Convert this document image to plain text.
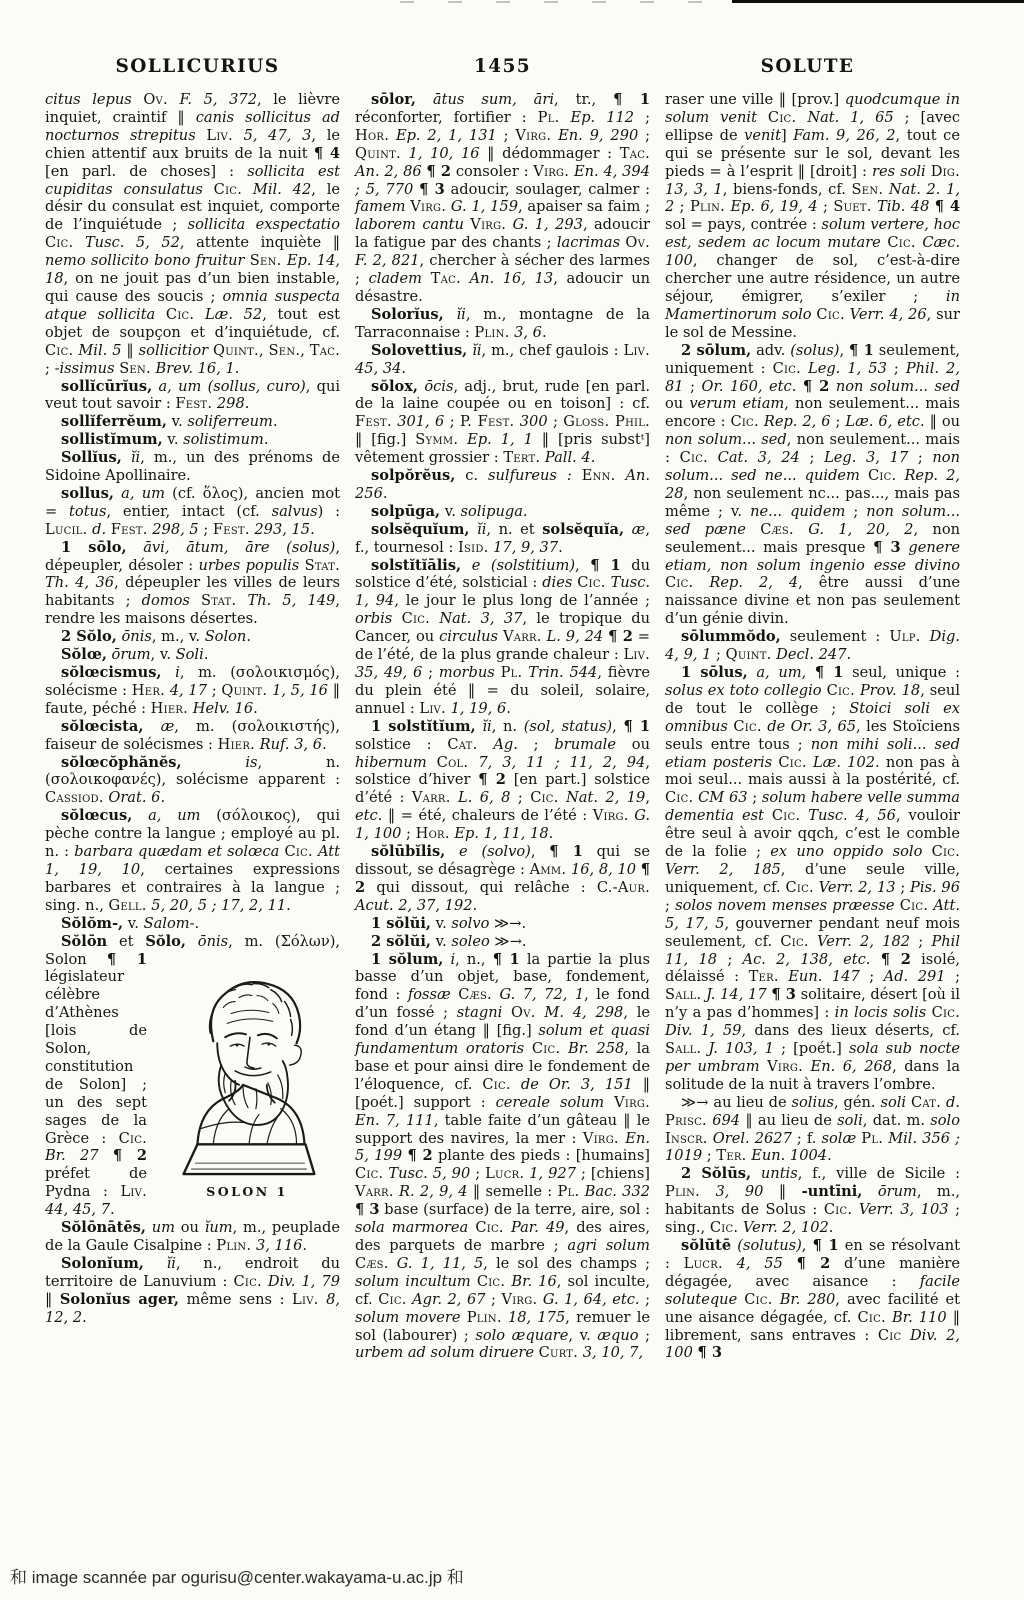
SOLLICURIUS	1455	SOLUTE

citus lepus Ov. F. 5, 372, le lièvre inquiet, craintif ‖ canis sollicitus ad nocturnos strepitus Liv. 5, 47, 3, le chien attentif aux bruits de la nuit ¶ 4 [en parl. de choses] : sollicita est cupiditas consulatus Cic. Mil. 42, le désir du consulat est inquiet, comporte de l’inquiétude ; sollicita exspectatio Cic. Tusc. 5, 52, attente inquiète ‖ nemo sollicito bono fruitur Sen. Ep. 14, 18, on ne jouit pas d’un bien instable, qui cause des soucis ; omnia suspecta atque sollicita Cic. Læ. 52, tout est objet de soupçon et d’inquiétude, cf. Cic. Mil. 5 ‖ sollicitior Quint., Sen., Tac. ; -issimus Sen. Brev. 16, 1.

sollĭcūrĭus, a, um (sollus, curo), qui veut tout savoir : Fest. 298.

sollĭferrĕum, v. soliferreum.

sollistĭmum, v. solistimum.

Sollĭus, ĭi, m., un des prénoms de Sidoine Apollinaire.

sollus, a, um (cf. ὅλος), ancien mot = totus, entier, intact (cf. salvus) : Lucil. d. Fest. 298, 5 ; Fest. 293, 15.

1 sōlo, āvi, ātum, āre (solus), dépeupler, désoler : urbes populis Stat. Th. 4, 36, dépeupler les villes de leurs habitants ; domos Stat. Th. 5, 149, rendre les maisons désertes.

2 Sŏlo, ōnis, m., v. Solon.

Sŏlœ, ōrum, v. Soli.

sŏlœcismus, i, m. (σολοικισμός), solécisme : Her. 4, 17 ; Quint. 1, 5, 16 ‖ faute, péché : Hier. Helv. 16.

sŏlœcista, æ, m. (σολοικιστής), faiseur de solécismes : Hier. Ruf. 3, 6.

sŏlœcŏphănĕs,	is, n. (σολοικοφανές), solécisme apparent : Cassiod. Orat. 6.

sŏlœcus, a, um (σόλοικος), qui pèche contre la langue ; employé au pl. n. : barbara quædam et solœca Cic. Att 1, 19, 10, certaines expressions barbares et contraires à la langue ; sing. n., Gell. 5, 20, 5 ; 17, 2, 11.

Sŏlŏm-, v. Salom-.

Sŏlōn et Sŏlo, ōnis, m. (Σόλων),
SOLON 1
Solon ¶ 1 législateur célèbre d’Athènes [lois de Solon, constitution de Solon] ; un des sept sages de la Grèce : Cic. Br. 27 ¶ 2 préfet de Pydna : Liv. 44, 45, 7.

Sŏlōnātēs, um ou ĭum, m., peuplade de la Gaule Cisalpine : Plin. 3, 116.

Solonĭum, ĭi, n., endroit du territoire de Lanuvium : Cic. Div. 1, 79 ‖ Solonĭus ager, même sens : Liv. 8, 12, 2.

sōlor, ātus sum, āri, tr., ¶ 1 réconforter, fortifier : Pl. Ep. 112 ; Hor. Ep. 2, 1, 131 ; Virg. En. 9, 290 ; Quint. 1, 10, 16 ‖ dédommager : Tac. An. 2, 86 ¶ 2 consoler : Virg. En. 4, 394 ; 5, 770 ¶ 3 adoucir, soulager, calmer : famem Virg. G. 1, 159, apaiser sa faim ; laborem cantu Virg. G. 1, 293, adoucir la fatigue par des chants ; lacrimas Ov. F. 2, 821, chercher à sécher des larmes ; cladem Tac. An. 16, 13, adoucir un désastre.

Solorĭus, ĭi, m., montagne de la Tarraconnaise : Plin. 3, 6.

Solovettius, ĭi, m., chef gaulois : Liv. 45, 34.

sŏlox, ōcis, adj., brut, rude [en parl. de la laine coupée ou en toison] : cf. Fest. 301, 6 ; P. Fest. 300 ; Gloss. Phil. ‖ [fig.] Symm. Ep. 1, 1 ‖ [pris substᵗ] vêtement grossier : Tert. Pall. 4.

solpŏrĕus, c. sulfureus : Enn. An. 256.

solpūga, v. solipuga.

solsĕquĭum, ĭi, n. et solsĕquĭa, æ, f., tournesol : Isid. 17, 9, 37.

solstĭtĭālis, e (solstitium), ¶ 1 du solstice d’été, solsticial : dies Cic. Tusc. 1, 94, le jour le plus long de l’année ; orbis Cic. Nat. 3, 37, le tropique du Cancer, ou circulus Varr. L. 9, 24 ¶ 2 = de l’été, de la plus grande chaleur : Liv. 35, 49, 6 ; morbus Pl. Trin. 544, fièvre du plein été ‖ = du soleil, solaire, annuel : Liv. 1, 19, 6.

1 solstĭtĭum, ĭi, n. (sol, status), ¶ 1 solstice : Cat. Ag. ; brumale ou hibernum Col. 7, 3, 11 ; 11, 2, 94, solstice d’hiver ¶ 2 [en part.] solstice d’été : Varr. L. 6, 8 ; Cic. Nat. 2, 19, etc. ‖ = été, chaleurs de l’été : Virg. G. 1, 100 ; Hor. Ep. 1, 11, 18.

sŏlūbĭlis, e (solvo), ¶ 1 qui se dissout, se désagrège : Amm. 16, 8, 10 ¶ 2 qui dissout, qui relâche : C.-Aur. Acut. 2, 37, 192.

1 sŏlŭi, v. solvo ≫→.

2 sŏlŭi, v. soleo ≫→.

1 sŏlum, i, n., ¶ 1 la partie la plus basse d’un objet, base, fondement, fond : fossæ Cæs. G. 7, 72, 1, le fond d’un fossé ; stagni Ov. M. 4, 298, le fond d’un étang ‖ [fig.] solum et quasi fundamentum oratoris Cic. Br. 258, la base et pour ainsi dire le fondement de l’éloquence, cf. Cic. de Or. 3, 151 ‖ [poét.] support : cereale solum Virg. En. 7, 111, table faite d’un gâteau ‖ le support des navires, la mer : Virg. En. 5, 199 ¶ 2 plante des pieds : [humains] Cic. Tusc. 5, 90 ; Lucr. 1, 927 ; [chiens] Varr. R. 2, 9, 4 ‖ semelle : Pl. Bac. 332 ¶ 3 base (surface) de la terre, aire, sol : sola marmorea Cic. Par. 49, des aires, des parquets de marbre ; agri solum Cæs. G. 1, 11, 5, le sol des champs ; solum incultum Cic. Br. 16, sol inculte, cf. Cic. Agr. 2, 67 ; Virg. G. 1, 64, etc. ; solum movere Plin. 18, 175, remuer le sol (labourer) ; solo æquare, v. æquo ; urbem ad solum diruere Curt. 3, 10, 7,

raser une ville ‖ [prov.] quodcumque in solum venit Cic. Nat. 1, 65 ; [avec ellipse de venit] Fam. 9, 26, 2, tout ce qui se présente sur le sol, devant les pieds = à l’esprit ‖ [droit] : res soli Dig. 13, 3, 1, biens-fonds, cf. Sen. Nat. 2. 1, 2 ; Plin. Ep. 6, 19, 4 ; Suet. Tib. 48 ¶ 4 sol = pays, contrée : solum vertere, hoc est, sedem ac locum mutare Cic. Cæc. 100, changer de sol, c’est-à-dire chercher une autre résidence, un autre séjour, émigrer, s’exiler ; in Mamertinorum solo Cic. Verr. 4, 26, sur le sol de Messine.

2 sōlum, adv. (solus), ¶ 1 seulement, uniquement : Cic. Leg. 1, 53 ; Phil. 2, 81 ; Or. 160, etc. ¶ 2 non solum... sed ou verum etiam, non seulement... mais encore : Cic. Rep. 2, 6 ; Læ. 6, etc. ‖ ou non solum... sed, non seulement... mais : Cic. Cat. 3, 24 ; Leg. 3, 17 ; non solum... sed ne... quidem Cic. Rep. 2, 28, non seulement nc... pas..., mais pas même ; v. ne... quidem ; non solum... sed pæne Cæs. G. 1, 20, 2, non seulement... mais presque ¶ 3 genere etiam, non solum ingenio esse divino Cic. Rep. 2, 4, être aussi d’une naissance divine et non pas seulement d’un génie divin.

sōlummŏdo, seulement : Ulp. Dig. 4, 9, 1 ; Quint. Decl. 247.

1 sōlus, a, um, ¶ 1 seul, unique : solus ex toto collegio Cic. Prov. 18, seul de tout le collège ; Stoici soli ex omnibus Cic. de Or. 3, 65, les Stoïciens seuls entre tous ; non mihi soli... sed etiam posteris Cic. Læ. 102. non pas à moi seul... mais aussi à la postérité, cf. Cic. CM 63 ; solum habere velle summa dementia est Cic. Tusc. 4, 56, vouloir être seul à avoir qqch, c’est le comble de la folie ; ex uno oppido solo Cic. Verr. 2, 185, d’une seule ville, uniquement, cf. Cic. Verr. 2, 13 ; Pis. 96 ; solos novem menses præesse Cic. Att. 5, 17, 5, gouverner pendant neuf mois seulement, cf. Cic. Verr. 2, 182 ; Phil 11, 18 ; Ac. 2, 138, etc. ¶ 2 isolé, délaissé : Ter. Eun. 147 ; Ad. 291 ; Sall. J. 14, 17 ¶ 3 solitaire, désert [où il n’y a pas d’hommes] : in locis solis Cic. Div. 1, 59, dans des lieux déserts, cf. Sall. J. 103, 1 ; [poét.] sola sub nocte per umbram Virg. En. 6, 268, dans la solitude de la nuit à travers l’ombre.

≫→ au lieu de solius, gén. soli Cat. d. Prisc. 694 ‖ au lieu de soli, dat. m. solo Inscr. Orel. 2627 ; f. solæ Pl. Mil. 356 ; 1019 ; Ter. Eun. 1004.

2 Sŏlūs, untis, f., ville de Sicile : Plin. 3, 90 ‖ -untīni, ōrum, m., habitants de Solus : Cic. Verr. 3, 103 ; sing., Cic. Verr. 2, 102.

sŏlūtē (solutus), ¶ 1 en se résolvant : Lucr. 4, 55 ¶ 2 d’une manière dégagée, avec aisance : facile soluteque Cic. Br. 280, avec facilité et une aisance dégagée, cf. Cic. Br. 110 ‖ librement, sans entraves : Cic Div. 2, 100 ¶ 3

和 image scannée par ogurisu@center.wakayama-u.ac.jp 和
